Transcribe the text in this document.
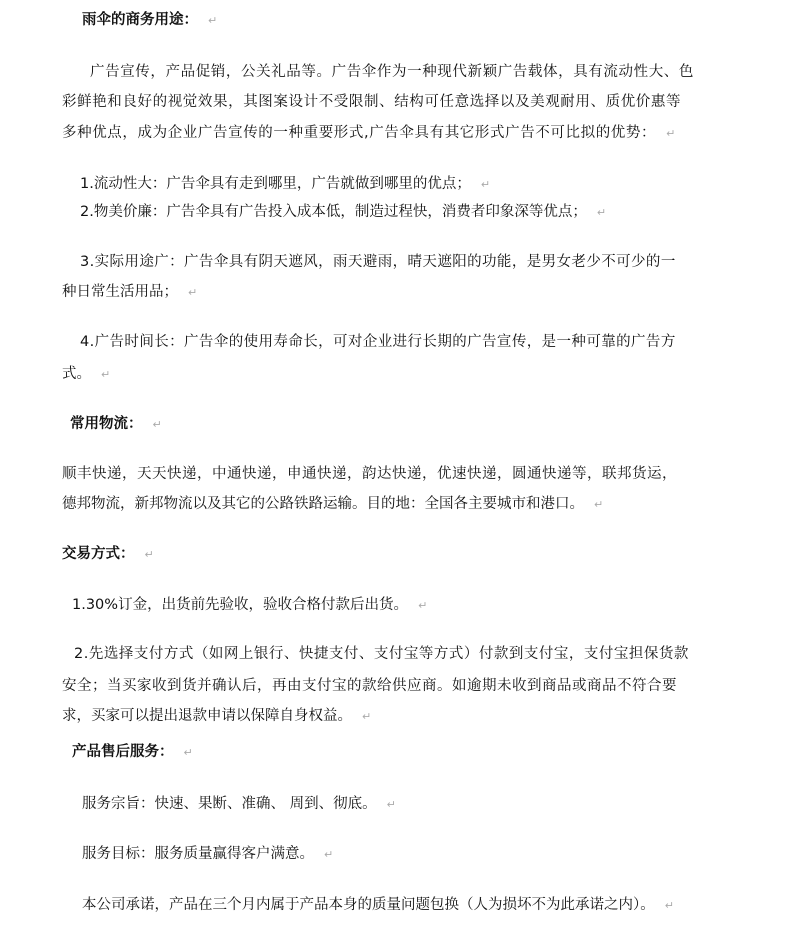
雨伞的商务用途： ↵
广告宣传，产品促销，公关礼品等。广告伞作为一种现代新颖广告载体，具有流动性大、色
彩鲜艳和良好的视觉效果，其图案设计不受限制、结构可任意选择以及美观耐用、质优价惠等
多种优点，成为企业广告宣传的一种重要形式,广告伞具有其它形式广告不可比拟的优势： ↵
1.流动性大：广告伞具有走到哪里，广告就做到哪里的优点； ↵
2.物美价廉：广告伞具有广告投入成本低，制造过程快，消费者印象深等优点； ↵
3.实际用途广：广告伞具有阴天遮风，雨天避雨，晴天遮阳的功能，是男女老少不可少的一
种日常生活用品； ↵
4.广告时间长：广告伞的使用寿命长，可对企业进行长期的广告宣传，是一种可靠的广告方
式。 ↵
常用物流： ↵
顺丰快递，天天快递，中通快递，申通快递，韵达快递，优速快递，圆通快递等，联邦货运，
德邦物流，新邦物流以及其它的公路铁路运输。目的地：全国各主要城市和港口。 ↵
交易方式： ↵
1.30%订金，出货前先验收，验收合格付款后出货。 ↵
2.先选择支付方式（如网上银行、快捷支付、支付宝等方式）付款到支付宝，支付宝担保货款
安全；当买家收到货并确认后，再由支付宝的款给供应商。如逾期未收到商品或商品不符合要
求，买家可以提出退款申请以保障自身权益。 ↵
产品售后服务： ↵
服务宗旨：快速、果断、准确、 周到、彻底。 ↵
服务目标：服务质量赢得客户满意。 ↵
本公司承诺，产品在三个月内属于产品本身的质量问题包换（人为损坏不为此承诺之内）。 ↵
